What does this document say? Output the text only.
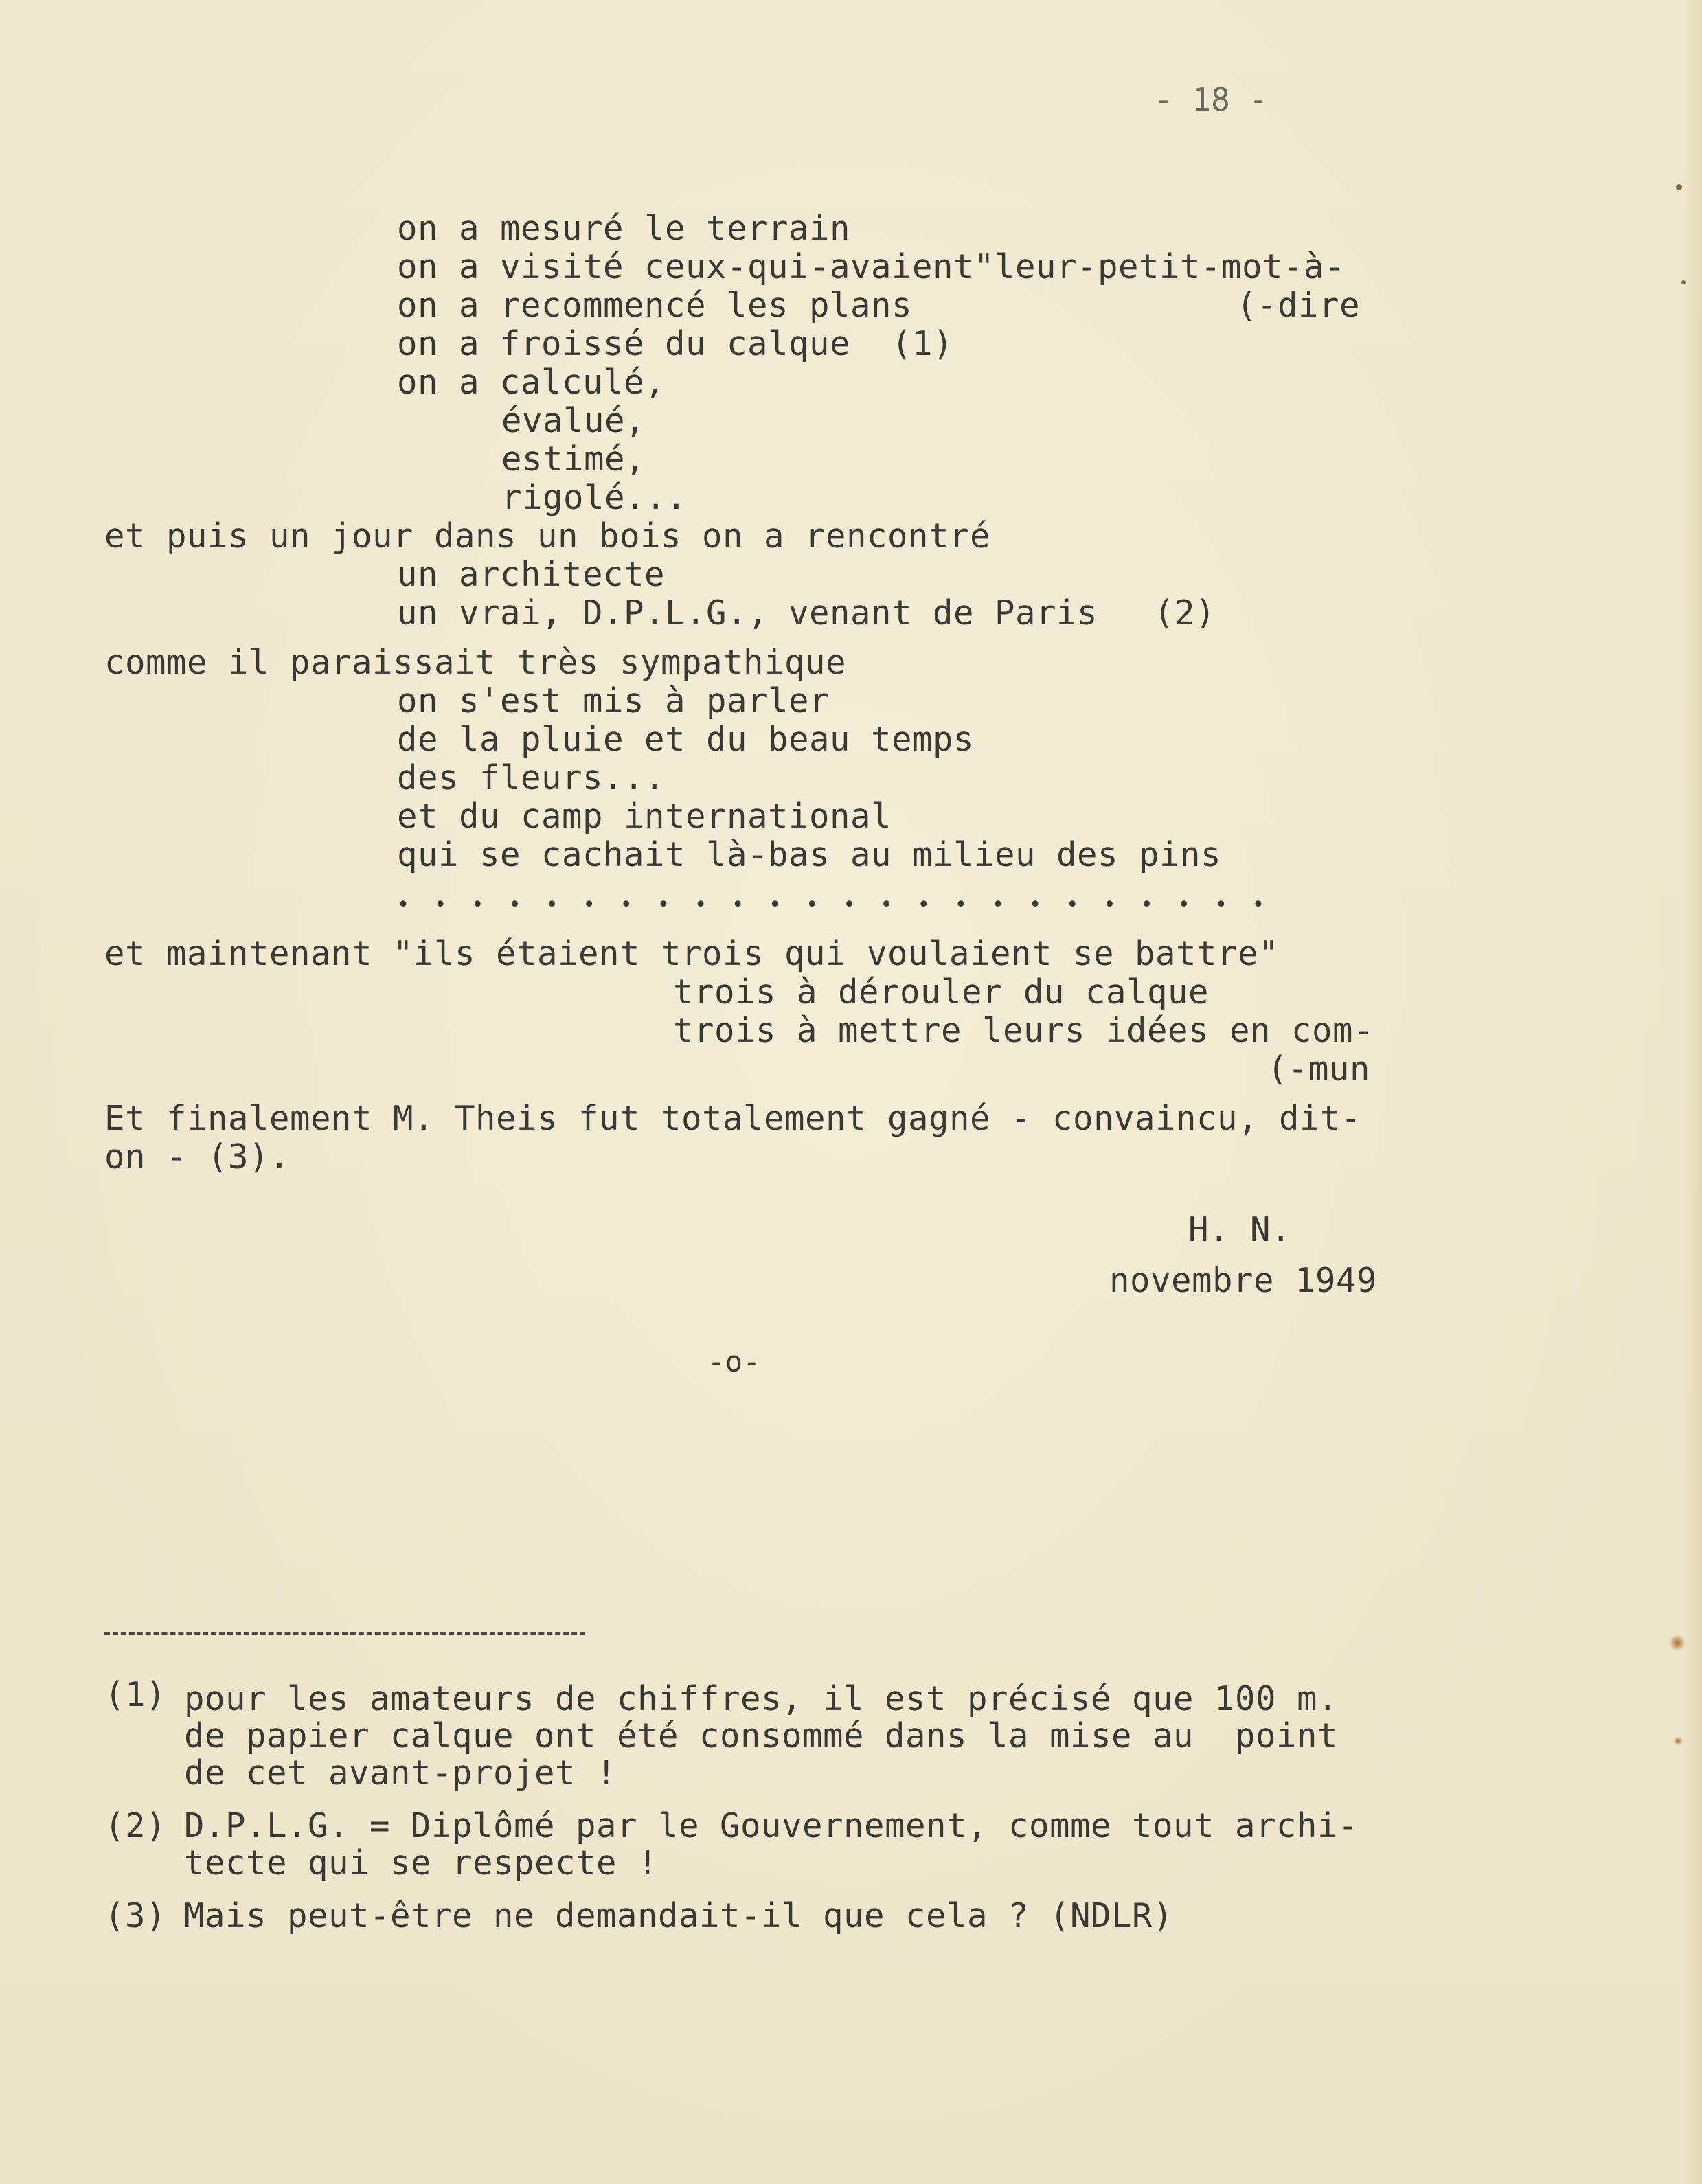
- 18 -
on a mesuré le terrain
on a visité ceux-qui-avaient"leur-petit-mot-à-
on a recommencé les plans	(-dire
on a froissé du calque  (1)
on a calculé,
évalué,
estimé,
rigolé...
et puis un jour dans un bois on a rencontré
un architecte
un vrai, D.P.L.G., venant de Paris (2)
comme il paraissait très sympathique
on s'est mis à parler
de la pluie et du beau temps
des fleurs...
et du camp international
qui se cachait là-bas au milieu des pins
• • • • • • • • • • • • • • • • • • • • • • • •
et maintenant "ils étaient trois qui voulaient se battre"
trois à dérouler du calque
trois à mettre leurs idées en com-
(-mun
Et finalement M. Theis fut totalement gagné - convaincu, dit-
on - (3).
H. N.
novembre 1949
-o-
(1) pour les amateurs de chiffres, il est précisé que 100 m.
de papier calque ont été consommé dans la mise au  point
de cet avant-projet !
(2) D.P.L.G. = Diplômé par le Gouvernement, comme tout archi-
tecte qui se respecte !
(3) Mais peut-être ne demandait-il que cela ? (NDLR)
